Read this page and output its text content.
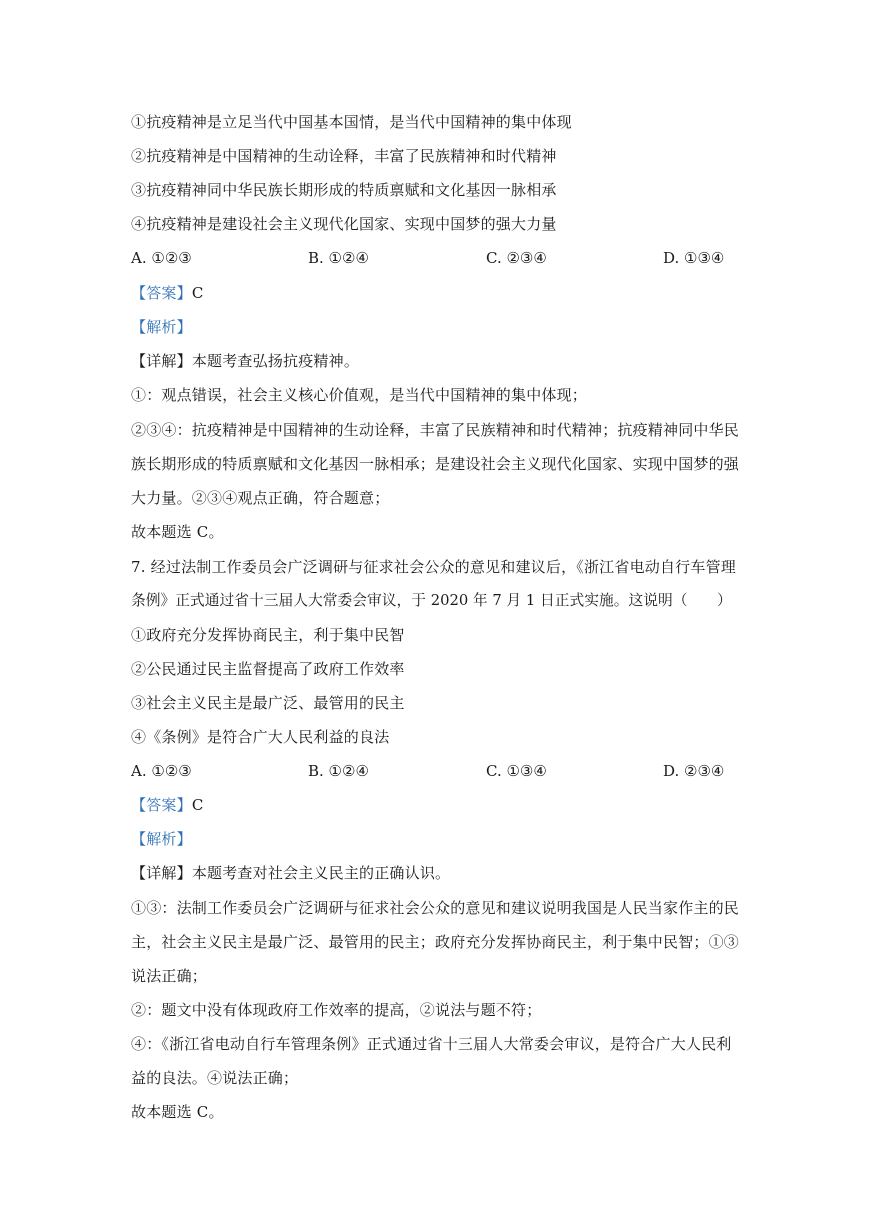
①抗疫精神是立足当代中国基本国情，是当代中国精神的集中体现
②抗疫精神是中国精神的生动诠释，丰富了民族精神和时代精神
③抗疫精神同中华民族长期形成的特质禀赋和文化基因一脉相承
④抗疫精神是建设社会主义现代化国家、实现中国梦的强大力量
A. ①②③	B. ①②④	C. ②③④	D. ①③④
【答案】C
【解析】
【详解】本题考查弘扬抗疫精神。
①：观点错误，社会主义核心价值观，是当代中国精神的集中体现；
②③④：抗疫精神是中国精神的生动诠释，丰富了民族精神和时代精神；抗疫精神同中华民
族长期形成的特质禀赋和文化基因一脉相承；是建设社会主义现代化国家、实现中国梦的强
大力量。②③④观点正确，符合题意；
故本题选 C。
7. 经过法制工作委员会广泛调研与征求社会公众的意见和建议后，《浙江省电动自行车管理
条例》正式通过省十三届人大常委会审议，于 2020 年 7 月 1 日正式实施。这说明（　　）
①政府充分发挥协商民主，利于集中民智
②公民通过民主监督提高了政府工作效率
③社会主义民主是最广泛、最管用的民主
④《条例》是符合广大人民利益的良法
A. ①②③	B. ①②④	C. ①③④	D. ②③④
【答案】C
【解析】
【详解】本题考查对社会主义民主的正确认识。
①③：法制工作委员会广泛调研与征求社会公众的意见和建议说明我国是人民当家作主的民
主，社会主义民主是最广泛、最管用的民主；政府充分发挥协商民主，利于集中民智；①③
说法正确；
②：题文中没有体现政府工作效率的提高，②说法与题不符；
④：《浙江省电动自行车管理条例》正式通过省十三届人大常委会审议，是符合广大人民利
益的良法。④说法正确；
故本题选 C。
